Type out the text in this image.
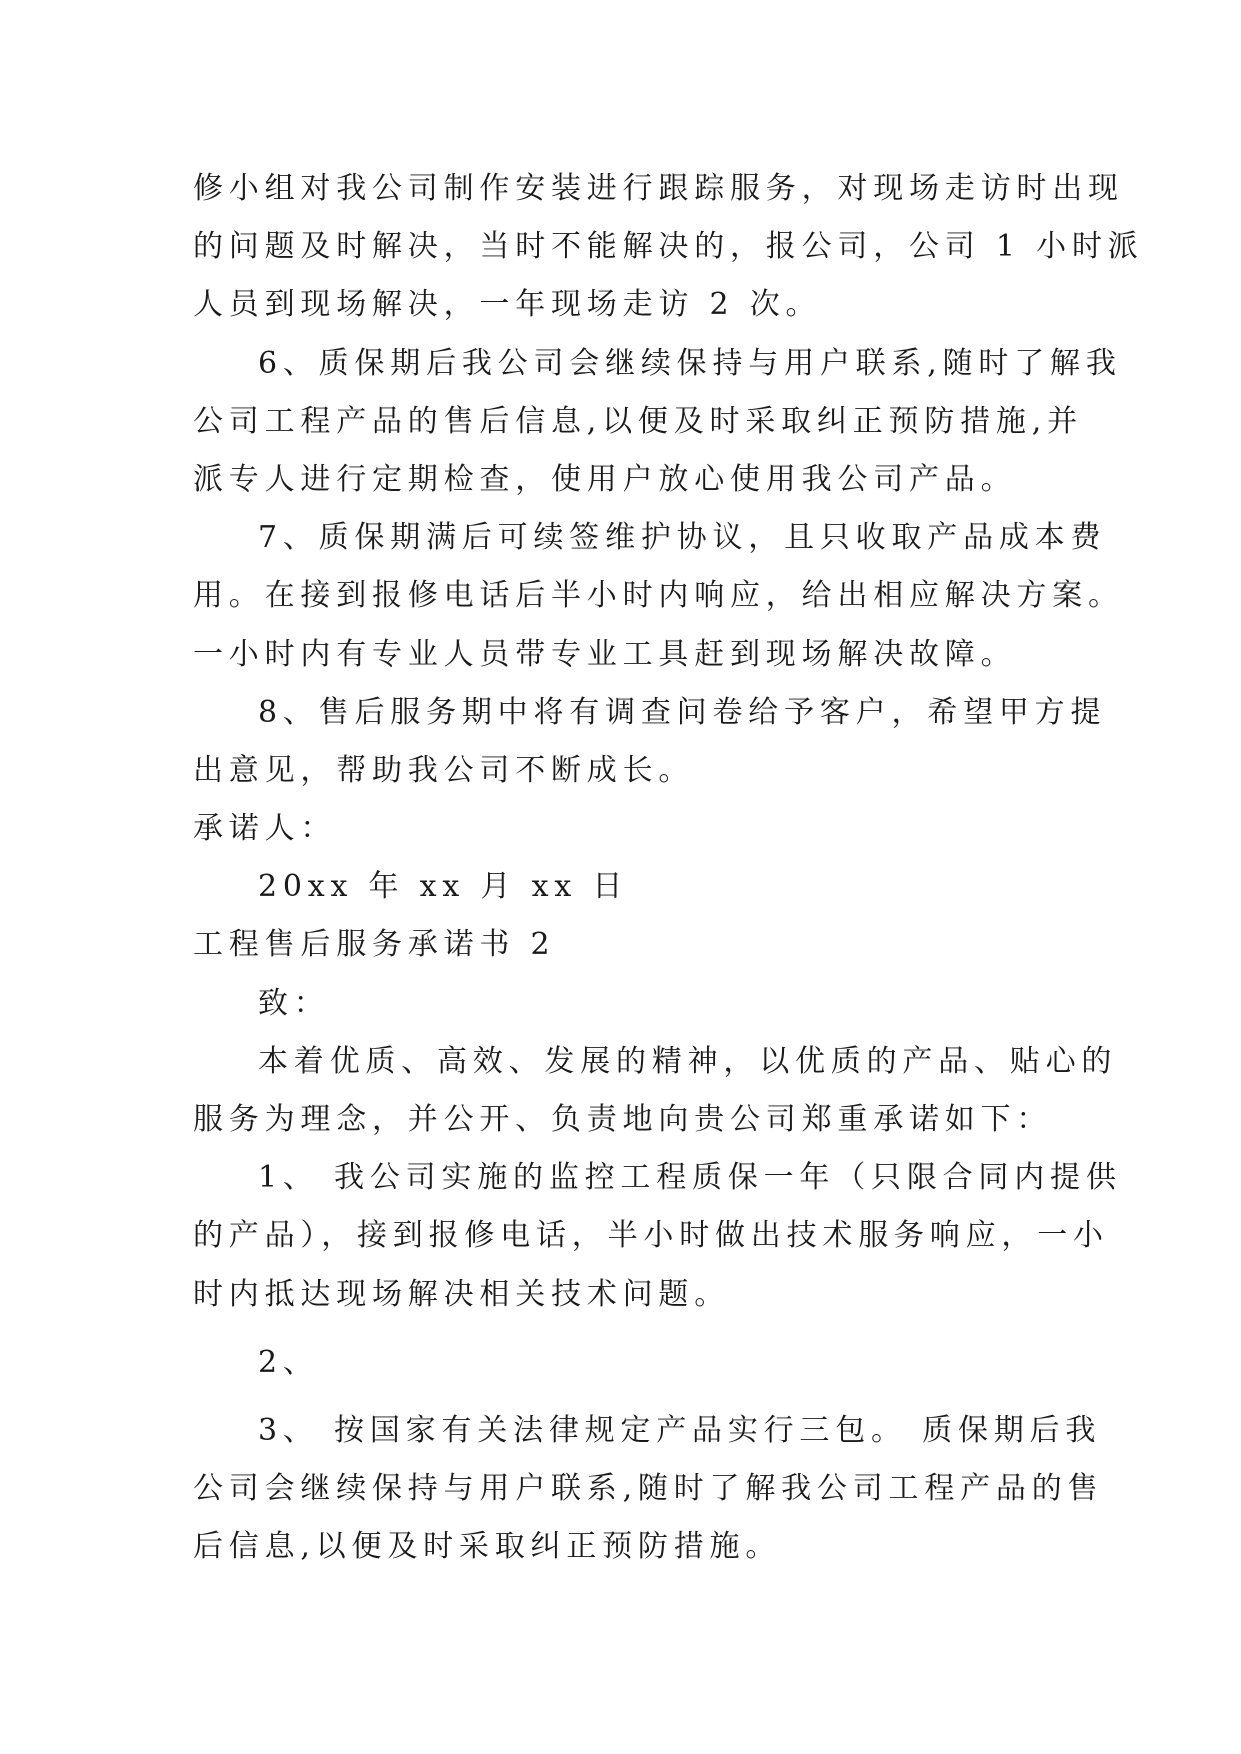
修小组对我公司制作安装进行跟踪服务，对现场走访时出现
的问题及时解决，当时不能解决的，报公司，公司 1 小时派
人员到现场解决，一年现场走访 2 次。
6、质保期后我公司会继续保持与用户联系,随时了解我
公司工程产品的售后信息,以便及时采取纠正预防措施,并
派专人进行定期检查，使用户放心使用我公司产品。
7、质保期满后可续签维护协议，且只收取产品成本费
用。在接到报修电话后半小时内响应，给出相应解决方案。
一小时内有专业人员带专业工具赶到现场解决故障。
8、售后服务期中将有调查问卷给予客户，希望甲方提
出意见，帮助我公司不断成长。
承诺人：
20xx 年 xx 月 xx 日
工程售后服务承诺书 2
致：
本着优质、高效、发展的精神，以优质的产品、贴心的
服务为理念，并公开、负责地向贵公司郑重承诺如下：
1、 我公司实施的监控工程质保一年（只限合同内提供
的产品），接到报修电话，半小时做出技术服务响应，一小
时内抵达现场解决相关技术问题。
2、
3、 按国家有关法律规定产品实行三包。 质保期后我
公司会继续保持与用户联系,随时了解我公司工程产品的售
后信息,以便及时采取纠正预防措施。
